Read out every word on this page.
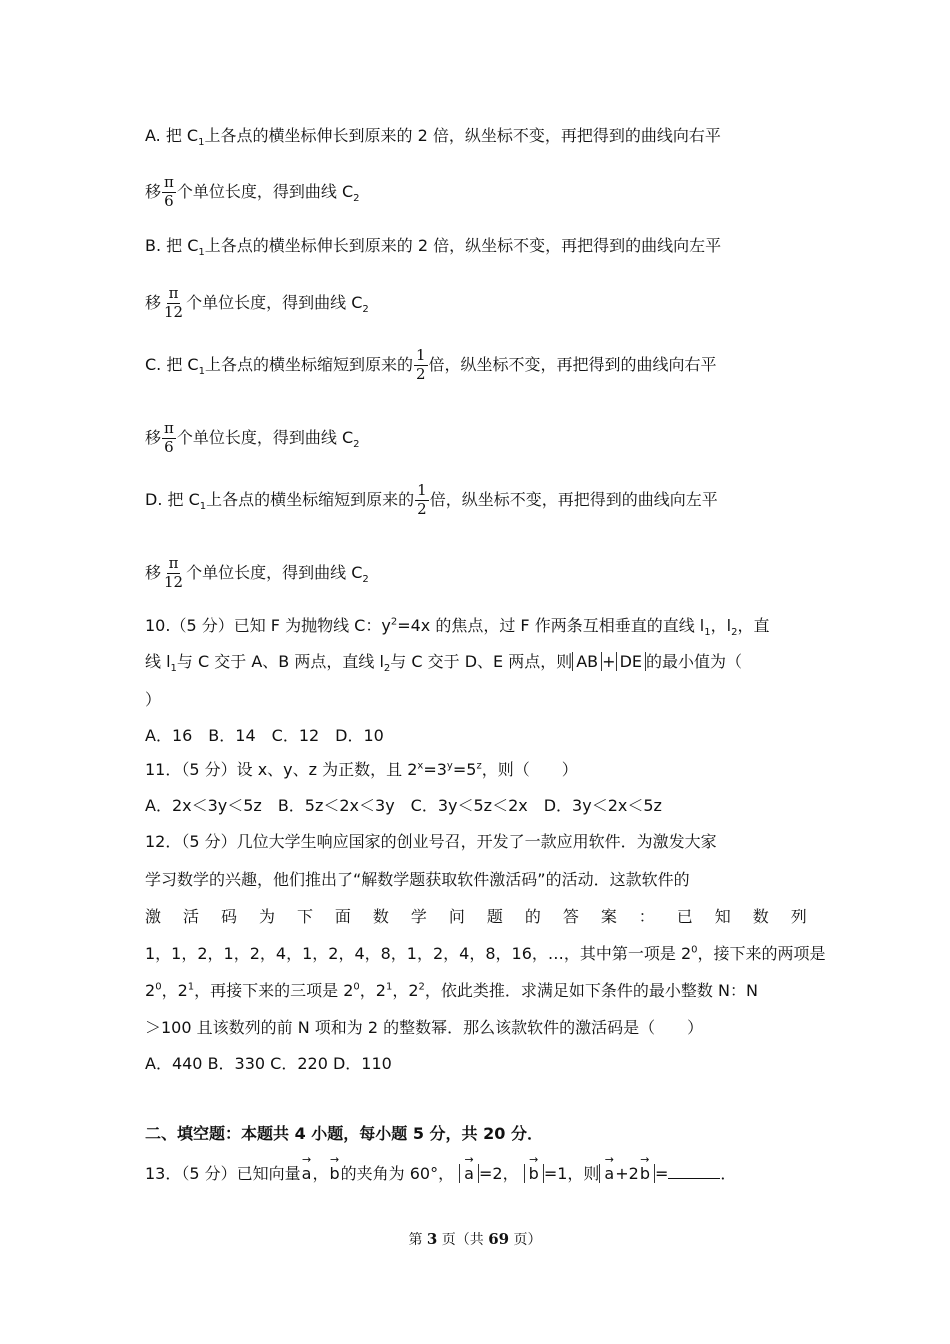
A. 把 $C_1$上各点的横坐标伸长到原来的 2 倍，纵坐标不变，再把得到的曲线向右平
移 $\frac{\pi}{6}$ 个单位长度，得到曲线 $C_2$
B. 把 $C_1$上各点的横坐标伸长到原来的 2 倍，纵坐标不变，再把得到的曲线向左平
移 $\frac{\pi}{12}$ 个单位长度，得到曲线 $C_2$
C. 把 $C_1$上各点的横坐标缩短到原来的 $\frac{1}{2}$ 倍，纵坐标不变，再把得到的曲线向右平
移 $\frac{\pi}{6}$ 个单位长度，得到曲线 $C_2$
D. 把 $C_1$上各点的横坐标缩短到原来的 $\frac{1}{2}$ 倍，纵坐标不变，再把得到的曲线向左平
移 $\frac{\pi}{12}$ 个单位长度，得到曲线 $C_2$
10.（5 分）已知 F 为抛物线 C：$y^2=4x$ 的焦点，过 F 作两条互相垂直的直线 $l_1$，$l_2$，直
线 $l_1$与 C 交于 A、B 两点，直线 $l_2$与 C 交于 D、E 两点，则 AB + DE 的最小值为（
）
A．16　B．14　C．12　D．10
11．（5 分）设 x、y、z 为正数，且 $2^x=3^y=5^z$，则（　　）
A．2x＜3y＜5z　B．5z＜2x＜3y　C．3y＜5z＜2x　D．3y＜2x＜5z
12．（5 分）几位大学生响应国家的创业号召，开发了一款应用软件．为激发大家
学习数学的兴趣，他们推出了“解数学题获取软件激活码”的活动．这款软件的
激 活 码 为 下 面 数 学 问 题 的 答 案 ： 已 知 数 列
1，1，2，1，2，4，1，2，4，8，1，2，4，8，16，…，其中第一项是 $2^0$，接下来的两项是
$2^0$，$2^1$，再接下来的三项是 $2^0$，$2^1$，$2^2$，依此类推．求满足如下条件的最小整数 N：N
＞100 且该数列的前 N 项和为 2 的整数幂．那么该款软件的激活码是（　　）
A．440 B．330 C．220 D．110
二、填空题：本题共 4 小题，每小题 5 分，共 20 分．
13．（5 分）已知向量→ a，→ b的夹角为 60°， → a =2， → b =1，则 → a+2→ b =	．
第 3 页（共 69 页）
